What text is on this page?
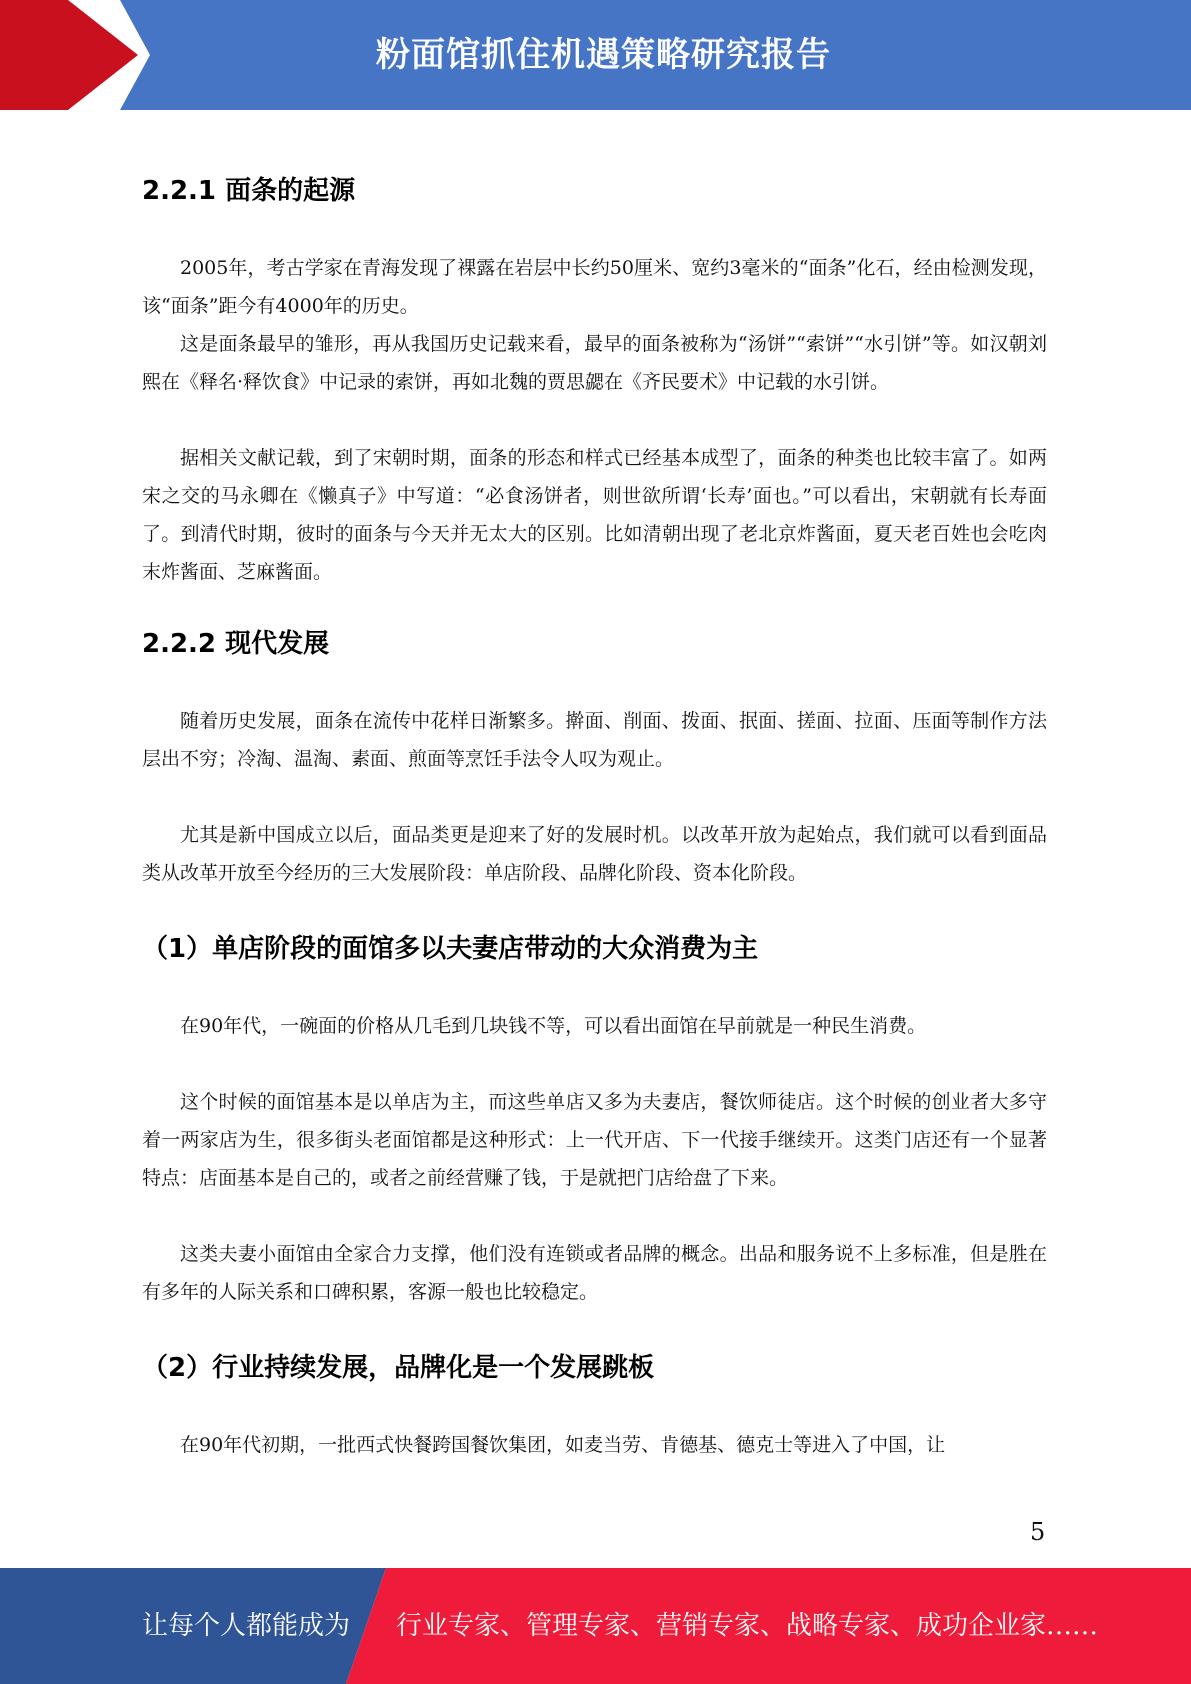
粉面馆抓住机遇策略研究报告
2.2.1 面条的起源

2005年，考古学家在青海发现了裸露在岩层中长约50厘米、宽约3毫米的“面条”化石，经由检测发现，该“面条”距今有4000年的历史。

这是面条最早的雏形，再从我国历史记载来看，最早的面条被称为“汤饼”“索饼”“水引饼”等。如汉朝刘熙在《释名·释饮食》中记录的索饼，再如北魏的贾思勰在《齐民要术》中记载的水引饼。

据相关文献记载，到了宋朝时期，面条的形态和样式已经基本成型了，面条的种类也比较丰富了。如两宋之交的马永卿在《懒真子》中写道：“必食汤饼者，则世欲所谓‘长寿’面也。”可以看出，宋朝就有长寿面了。到清代时期，彼时的面条与今天并无太大的区别。比如清朝出现了老北京炸酱面，夏天老百姓也会吃肉末炸酱面、芝麻酱面。

2.2.2 现代发展

随着历史发展，面条在流传中花样日渐繁多。擀面、削面、拨面、抿面、搓面、拉面、压面等制作方法层出不穷；冷淘、温淘、素面、煎面等烹饪手法令人叹为观止。

尤其是新中国成立以后，面品类更是迎来了好的发展时机。以改革开放为起始点，我们就可以看到面品类从改革开放至今经历的三大发展阶段：单店阶段、品牌化阶段、资本化阶段。

（1）单店阶段的面馆多以夫妻店带动的大众消费为主

在90年代，一碗面的价格从几毛到几块钱不等，可以看出面馆在早前就是一种民生消费。

这个时候的面馆基本是以单店为主，而这些单店又多为夫妻店，餐饮师徒店。这个时候的创业者大多守着一两家店为生，很多街头老面馆都是这种形式：上一代开店、下一代接手继续开。这类门店还有一个显著特点：店面基本是自己的，或者之前经营赚了钱，于是就把门店给盘了下来。

这类夫妻小面馆由全家合力支撑，他们没有连锁或者品牌的概念。出品和服务说不上多标准，但是胜在有多年的人际关系和口碑积累，客源一般也比较稳定。

（2）行业持续发展，品牌化是一个发展跳板

在90年代初期，一批西式快餐跨国餐饮集团，如麦当劳、肯德基、德克士等进入了中国，让

5
让每个人都能成为 行业专家、管理专家、营销专家、战略专家、成功企业家……
